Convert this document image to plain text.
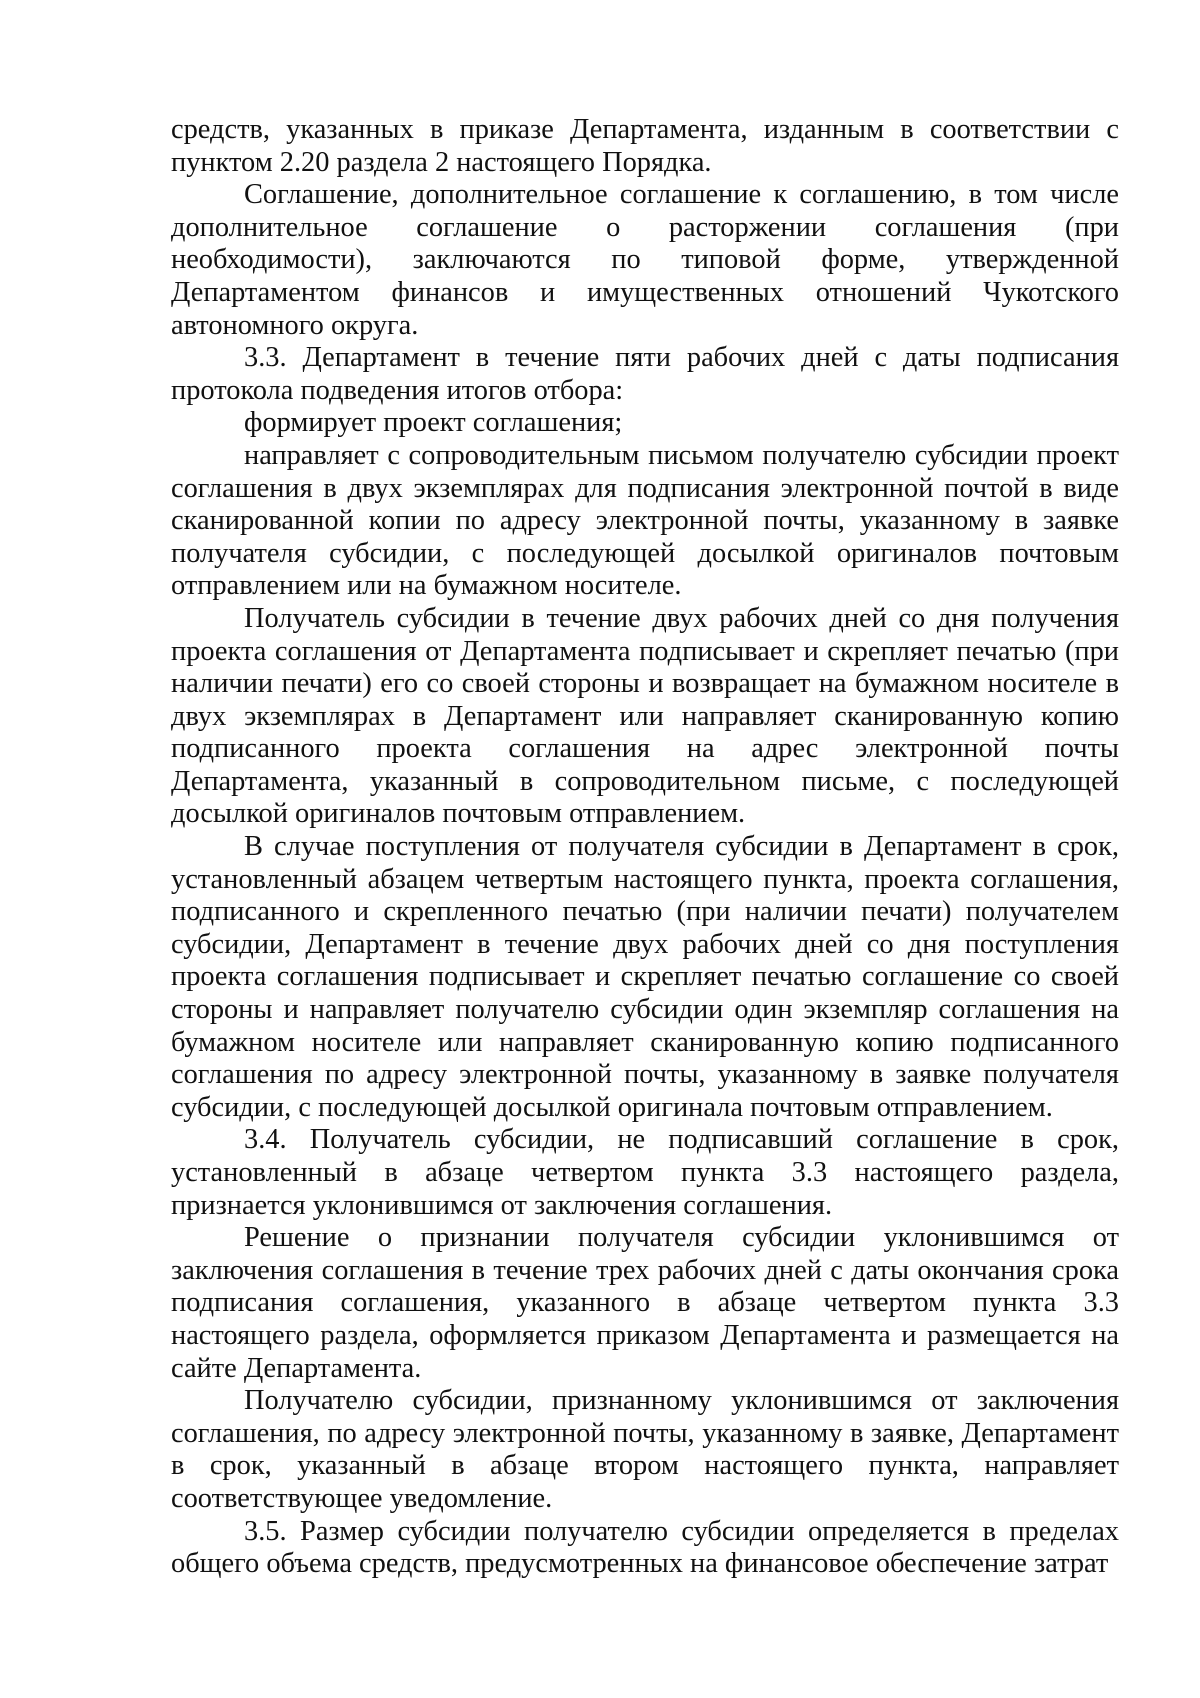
средств, указанных в приказе Департамента, изданным в соответствии с пунктом 2.20 раздела 2 настоящего Порядка.

Соглашение, дополнительное соглашение к соглашению, в том числе дополнительное соглашение о расторжении соглашения (при необходимости), заключаются по типовой форме, утвержденной Департаментом финансов и имущественных отношений Чукотского автономного округа.

3.3. Департамент в течение пяти рабочих дней с даты подписания протокола подведения итогов отбора:

формирует проект соглашения;

направляет с сопроводительным письмом получателю субсидии проект соглашения в двух экземплярах для подписания электронной почтой в виде сканированной копии по адресу электронной почты, указанному в заявке получателя субсидии, с последующей досылкой оригиналов почтовым отправлением или на бумажном носителе.

Получатель субсидии в течение двух рабочих дней со дня получения проекта соглашения от Департамента подписывает и скрепляет печатью (при наличии печати) его со своей стороны и возвращает на бумажном носителе в двух экземплярах в Департамент или направляет сканированную копию подписанного проекта соглашения на адрес электронной почты Департамента, указанный в сопроводительном письме, с последующей досылкой оригиналов почтовым отправлением.

В случае поступления от получателя субсидии в Департамент в срок, установленный абзацем четвертым настоящего пункта, проекта соглашения, подписанного и скрепленного печатью (при наличии печати) получателем субсидии, Департамент в течение двух рабочих дней со дня поступления проекта соглашения подписывает и скрепляет печатью соглашение со своей стороны и направляет получателю субсидии один экземпляр соглашения на бумажном носителе или направляет сканированную копию подписанного соглашения по адресу электронной почты, указанному в заявке получателя субсидии, с последующей досылкой оригинала почтовым отправлением.

3.4. Получатель субсидии, не подписавший соглашение в срок, установленный в абзаце четвертом пункта 3.3 настоящего раздела, признается уклонившимся от заключения соглашения.

Решение о признании получателя субсидии уклонившимся от заключения соглашения в течение трех рабочих дней с даты окончания срока подписания соглашения, указанного в абзаце четвертом пункта 3.3 настоящего раздела, оформляется приказом Департамента и размещается на сайте Департамента.

Получателю субсидии, признанному уклонившимся от заключения соглашения, по адресу электронной почты, указанному в заявке, Департамент в срок, указанный в абзаце втором настоящего пункта, направляет соответствующее уведомление.

3.5. Размер субсидии получателю субсидии определяется в пределах общего объема средств, предусмотренных на финансовое обеспечение затрат
